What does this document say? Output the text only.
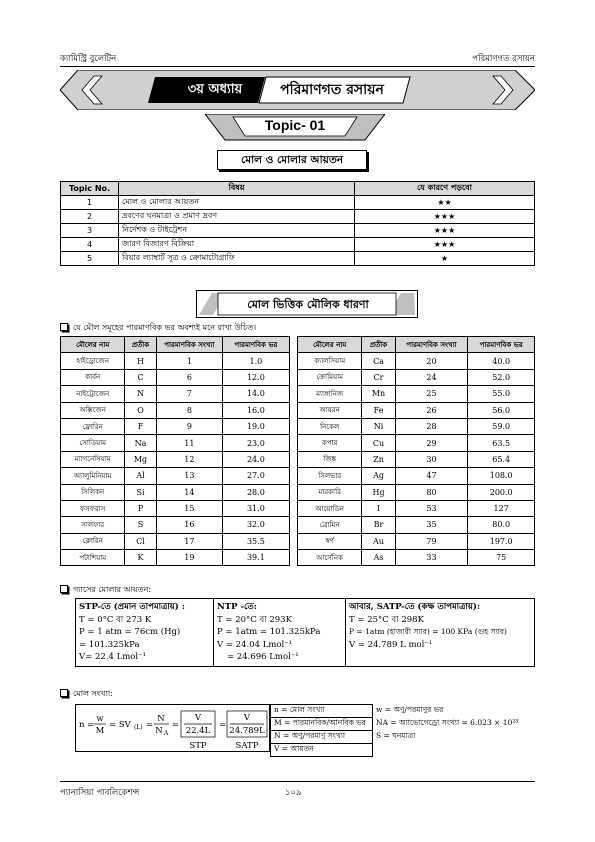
ক্যামিস্ট্রি বুলেটিন	পরিমাণগত রসায়ন
৩য় অধ্যায়	পরিমাণগত রসায়ন
Topic- 01
মোল ও মোলার আয়তন
Topic No.	বিষয়	যে কারণে পড়বো
1	মোল ও মোলার আয়তন	★★
2	দ্রবণের ঘনমাত্রা ও প্রমাণ দ্রবণ	★★★
3	নির্দেশক ও টাইট্রেশন	★★★
4	জারণ বিজারণ বিক্রিয়া	★★★
5	বিয়ার ল্যাম্বার্ট সূত্র ও ক্রোমাটোগ্রাফি	★
মোল ভিত্তিক মৌলিক ধারণা
যে মৌল সমূহের পারমাণবিক ভর অবশ্যই মনে রাখা উচিত।
মৌলের নাম	প্রতীক	পারমাণবিক সংখ্যা	পারমাণবিক ভর		মৌলের নাম	প্রতীক	পারমাণবিক সংখ্যা	পারমাণবিক ভর
হাইড্রোজেন	H	1	1.0		ক্যালসিয়াম	Ca	20	40.0
কার্বন	C	6	12.0		ক্রোমিয়াম	Cr	24	52.0
নাইট্রোজেন	N	7	14.0		ম্যাঙ্গানিজ	Mn	25	55.0
অক্সিজেন	O	8	16.0		আয়রন	Fe	26	56.0
ফ্লোরিন	F	9	19.0		নিকেল	Ni	28	59.0
সোডিয়াম	Na	11	23.0		কপার	Cu	29	63.5
ম্যাগনেসিয়াম	Mg	12	24.0		জিঙ্ক	Zn	30	65.4
অ্যালুমিনিয়াম	Al	13	27.0		সিলভার	Ag	47	108.0
সিলিকন	Si	14	28.0		মারকারি	Hg	80	200.0
ফসফরাস	P	15	31.0		আয়োডিন	I	53	127
সালফার	S	16	32.0		ব্রোমিন	Br	35	80.0
ক্লোরিন	Cl	17	35.5		স্বর্ণ	Au	79	197.0
পটাশিয়াম	K	19	39.1		আর্সেনিক	As	33	75
গ্যাসের মোলার আয়তন:
STP-তে (প্রমান তাপমাত্রায়) :
T = 0°C বা 273 K
P = 1 atm = 76cm (Hg)
= 101.325kPa
V= 22.4 Lmol⁻¹

NTP -তে:
T = 20°C বা 293K
P = 1atm = 101.325kPa
V = 24.04 Lmol⁻¹
= 24.696 Lmol⁻¹

আবার, SATP-তে (কক্ষ তাপমাত্রায়):
T = 25°C বা 298K
P = 1atm (হাজারী স্যার) = 100 KPa (গুহ স্যার)
V = 24.789 L mol⁻¹
মোল সংখ্যা:
n =
w
M
= SV (L) =
N
N A
=
V
22.4L
STP
=
V
24.789L
SATP
n = মোল সংখ্যা	w = অণু/পরমাণুর ভর
M = পারমানবিক/আনবিক ভর	NA = অ্যাভোগেড্রো সংখ্যা = 6.023 × 10²³
N = অণু/পরমাণু সংখ্যা	S = ঘনমাত্রা
V = আয়তন	
প্যানাসিয়া পাবলিকেশন্স	১০৯
